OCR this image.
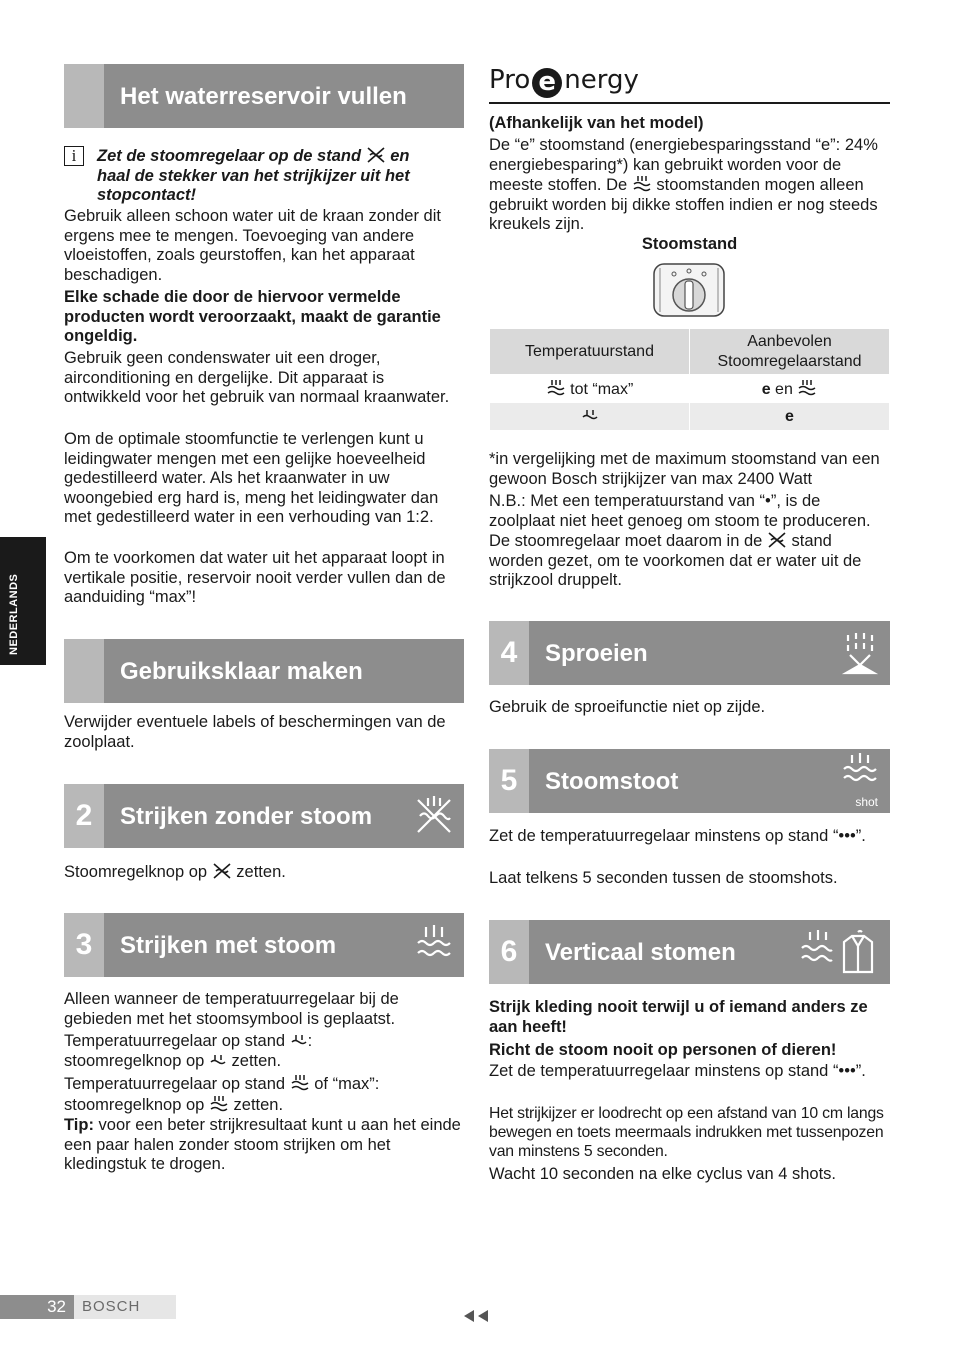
NEDERLANDS
Het waterreservoir vullen
i	Zet de stoomregelaar op de stand en
haal de stekker van het strijkijzer uit het
stopcontact!
Gebruik alleen schoon water uit de kraan zonder dit ergens mee te mengen. Toevoeging van andere vloeistoffen, zoals geurstoffen, kan het apparaat beschadigen.
Elke schade die door de hiervoor vermelde producten wordt veroorzaakt, maakt de garantie ongeldig.
Gebruik geen condenswater uit een droger, airconditioning en dergelijke. Dit apparaat is ontwikkeld voor het gebruik van normaal kraanwater.
Om de optimale stoomfunctie te verlengen kunt u leidingwater mengen met een gelijke hoeveelheid gedestilleerd water. Als het kraanwater in uw woongebied erg hard is, meng het leidingwater dan met gedestilleerd water in een verhouding van 1:2.
Om te voorkomen dat water uit het apparaat loopt in vertikale positie, reservoir nooit verder vullen dan de aanduiding “max”!
Gebruiksklaar maken
Verwijder eventuele labels of beschermingen van de zoolplaat.
2	Strijken zonder stoom
Stoomregelknop op zetten.
3	Strijken met stoom
Alleen wanneer de temperatuurregelaar bij de gebieden met het stoomsymbool is geplaatst.
Temperatuurregelaar op stand :
stoomregelknop op zetten.
Temperatuurregelaar op stand of “max”:
stoomregelknop op zetten.
Tip: voor een beter strijkresultaat kunt u aan het einde een paar halen zonder stoom strijken om het kledingstuk te drogen.
Pro e nergy
(Afhankelijk van het model)
De “e” stoomstand (energiebesparingsstand “e”: 24% energiebesparing*) kan gebruikt worden voor de meeste stoffen. De stoomstanden mogen alleen gebruikt worden bij dikke stoffen indien er nog steeds kreukels zijn.
Stoomstand
Temperatuurstand	Aanbevolen Stoomregelaarstand
tot “max”	e en
	e
*in vergelijking met de maximum stoomstand van een gewoon Bosch strijkijzer van max 2400 Watt
N.B.: Met een temperatuurstand van “•”, is de zoolplaat niet heet genoeg om stoom te produceren. De stoomregelaar moet daarom in de stand worden gezet, om te voorkomen dat er water uit de strijkzool druppelt.
4	Sproeien
Gebruik de sproeifunctie niet op zijde.
5	Stoomstoot
shot
Zet de temperatuurregelaar minstens op stand “•••”.
Laat telkens 5 seconden tussen de stoomshots.
6	Verticaal stomen
Strijk kleding nooit terwijl u of iemand anders ze aan heeft!
Richt de stoom nooit op personen of dieren!
Zet de temperatuurregelaar minstens op stand “•••”.
Het strijkijzer er loodrecht op een afstand van 10 cm langs bewegen en toets meermaals indrukken met tussenpozen van minstens 5 seconden.
Wacht 10 seconden na elke cyclus van 4 shots.
32	BOSCH
